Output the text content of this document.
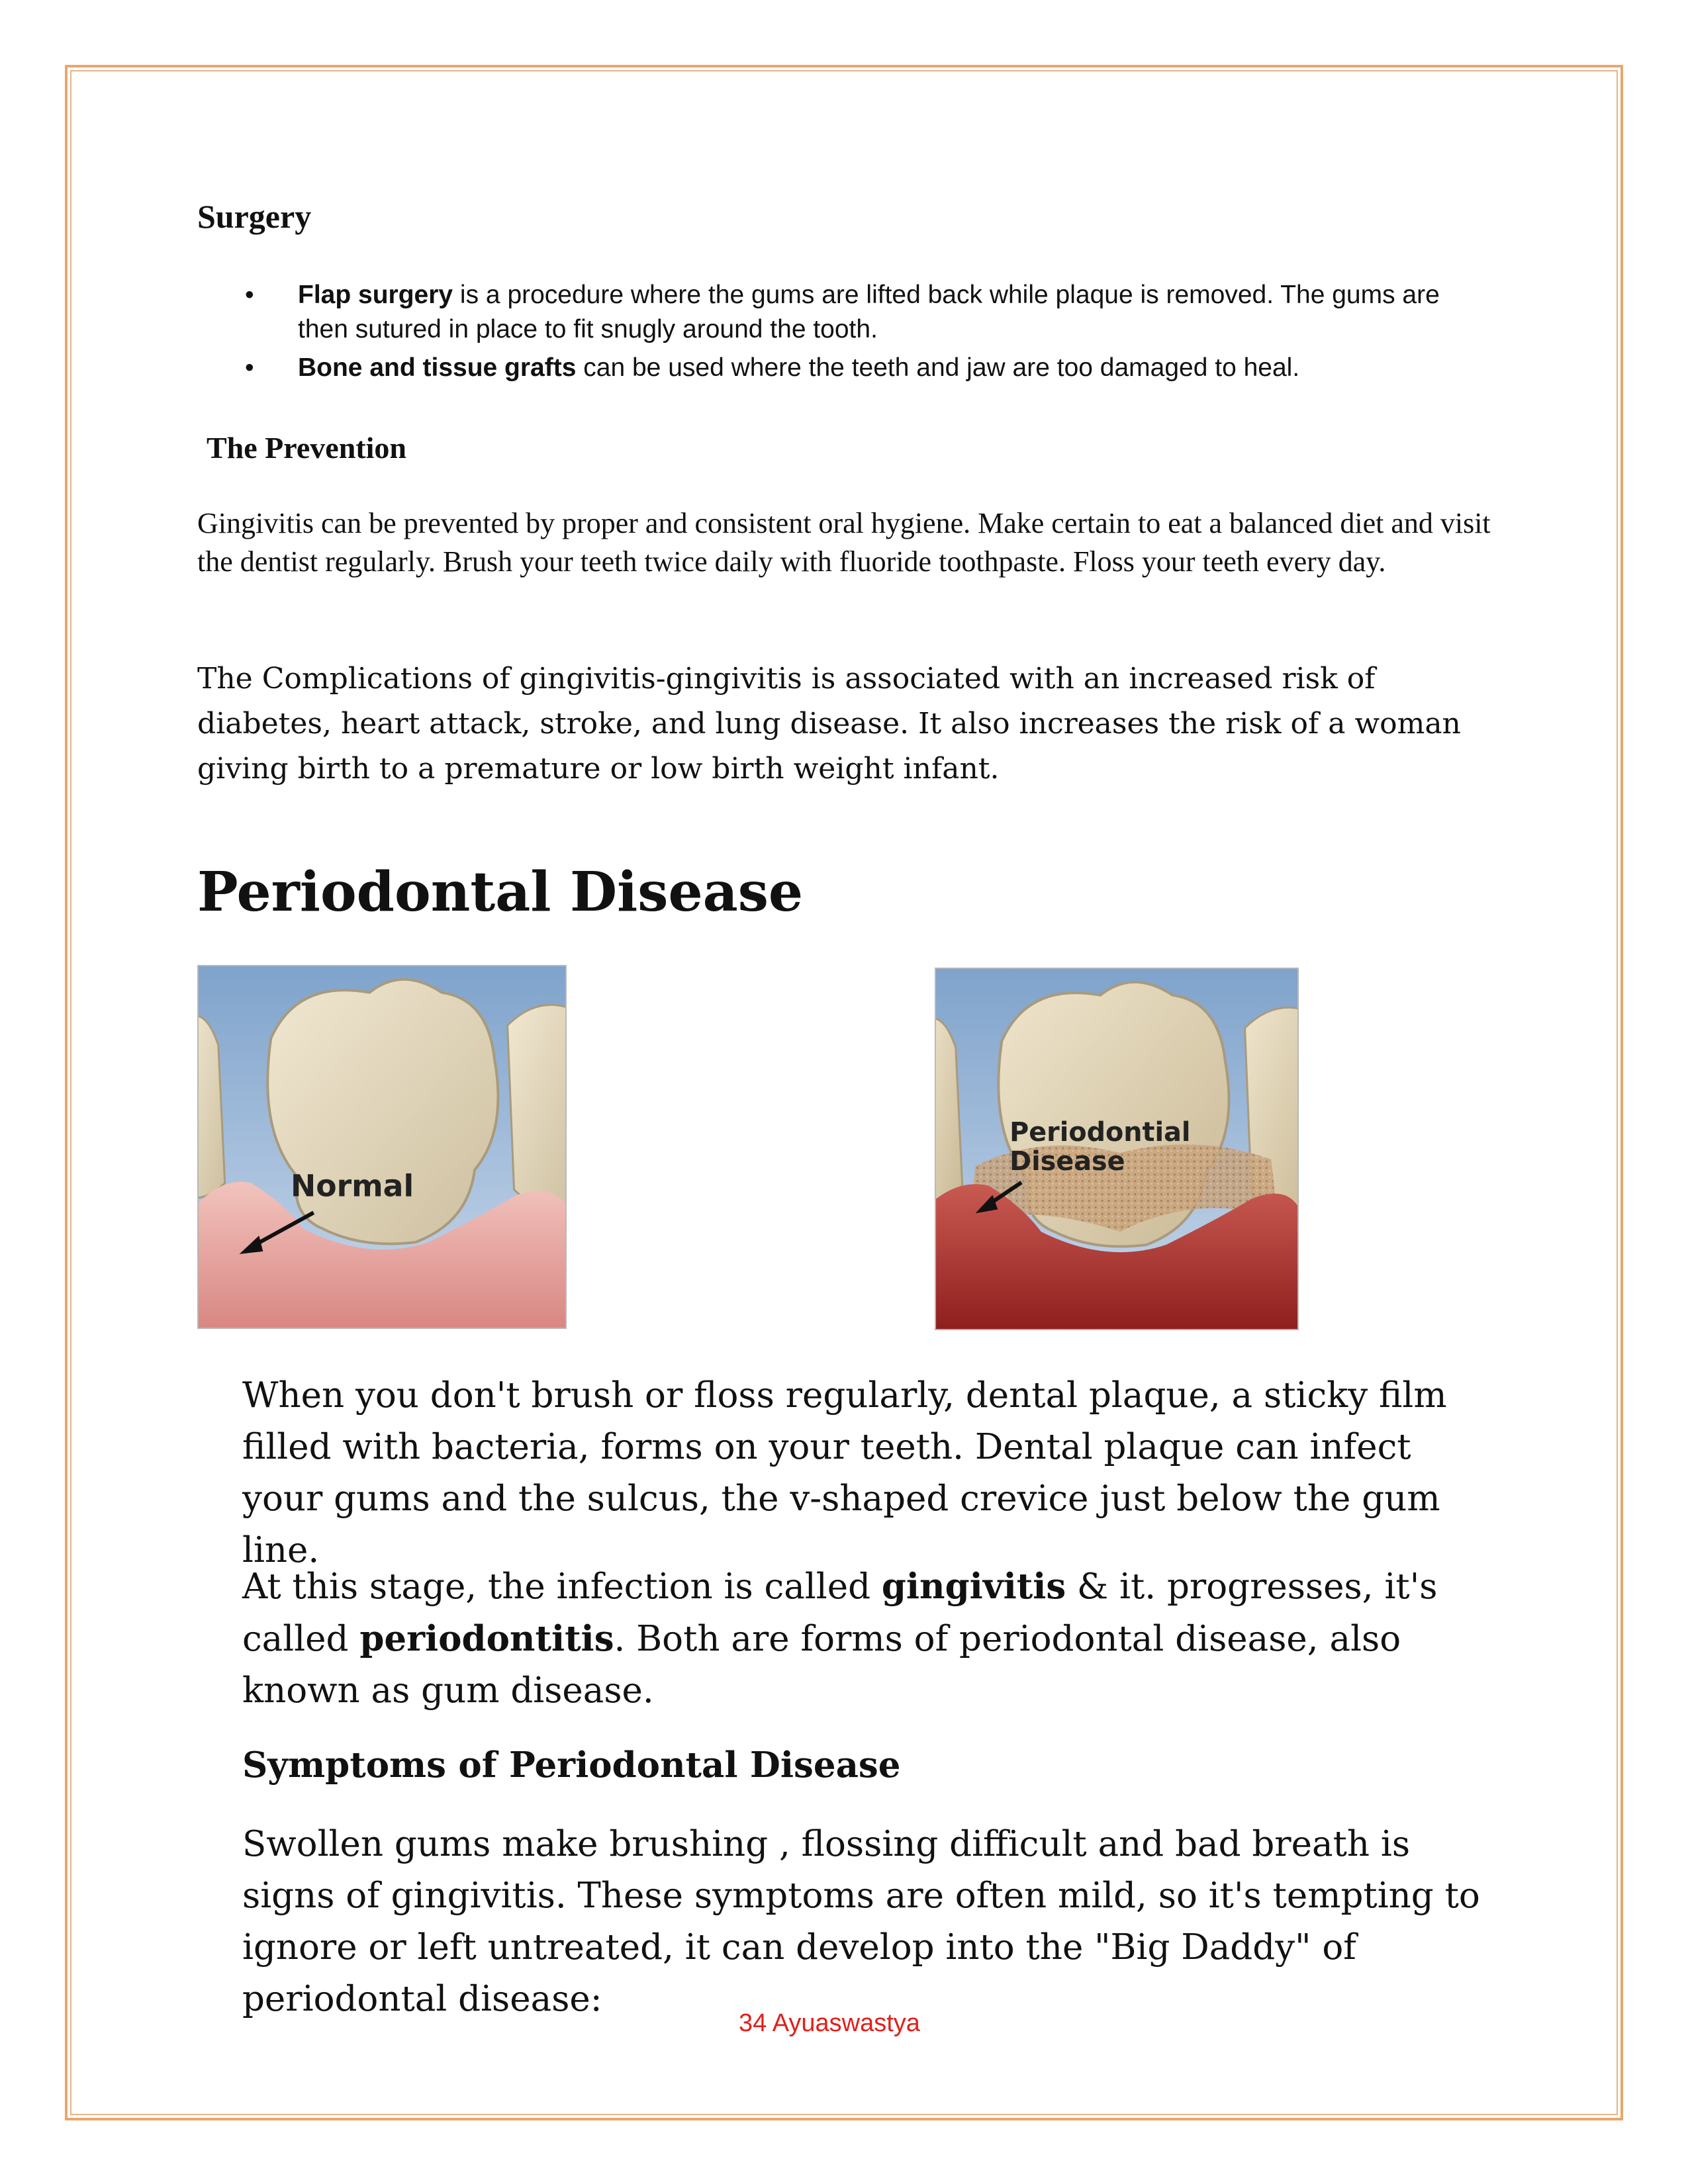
Surgery
• Flap surgery is a procedure where the gums are lifted back while plaque is removed. The gums are then sutured in place to fit snugly around the tooth.
• Bone and tissue grafts can be used where the teeth and jaw are too damaged to heal.
The Prevention
Gingivitis can be prevented by proper and consistent oral hygiene. Make certain to eat a balanced diet and visit the dentist regularly. Brush your teeth twice daily with fluoride toothpaste. Floss your teeth every day.
The Complications of gingivitis-gingivitis is associated with an increased risk of diabetes, heart attack, stroke, and lung disease. It also increases the risk of a woman giving birth to a premature or low birth weight infant.
Periodontal Disease
Normal
Periodontial
Disease
When you don't brush or floss regularly, dental plaque, a sticky film filled with bacteria, forms on your teeth. Dental plaque can infect your gums and the sulcus, the v-shaped crevice just below the gum line.
At this stage, the infection is called gingivitis & it. progresses, it's called periodontitis. Both are forms of periodontal disease, also known as gum disease.
Symptoms of Periodontal Disease
Swollen gums make brushing , flossing difficult and bad breath is signs of gingivitis. These symptoms are often mild, so it's tempting to ignore or left untreated, it can develop into the "Big Daddy" of periodontal disease:
34 Ayuaswastya
